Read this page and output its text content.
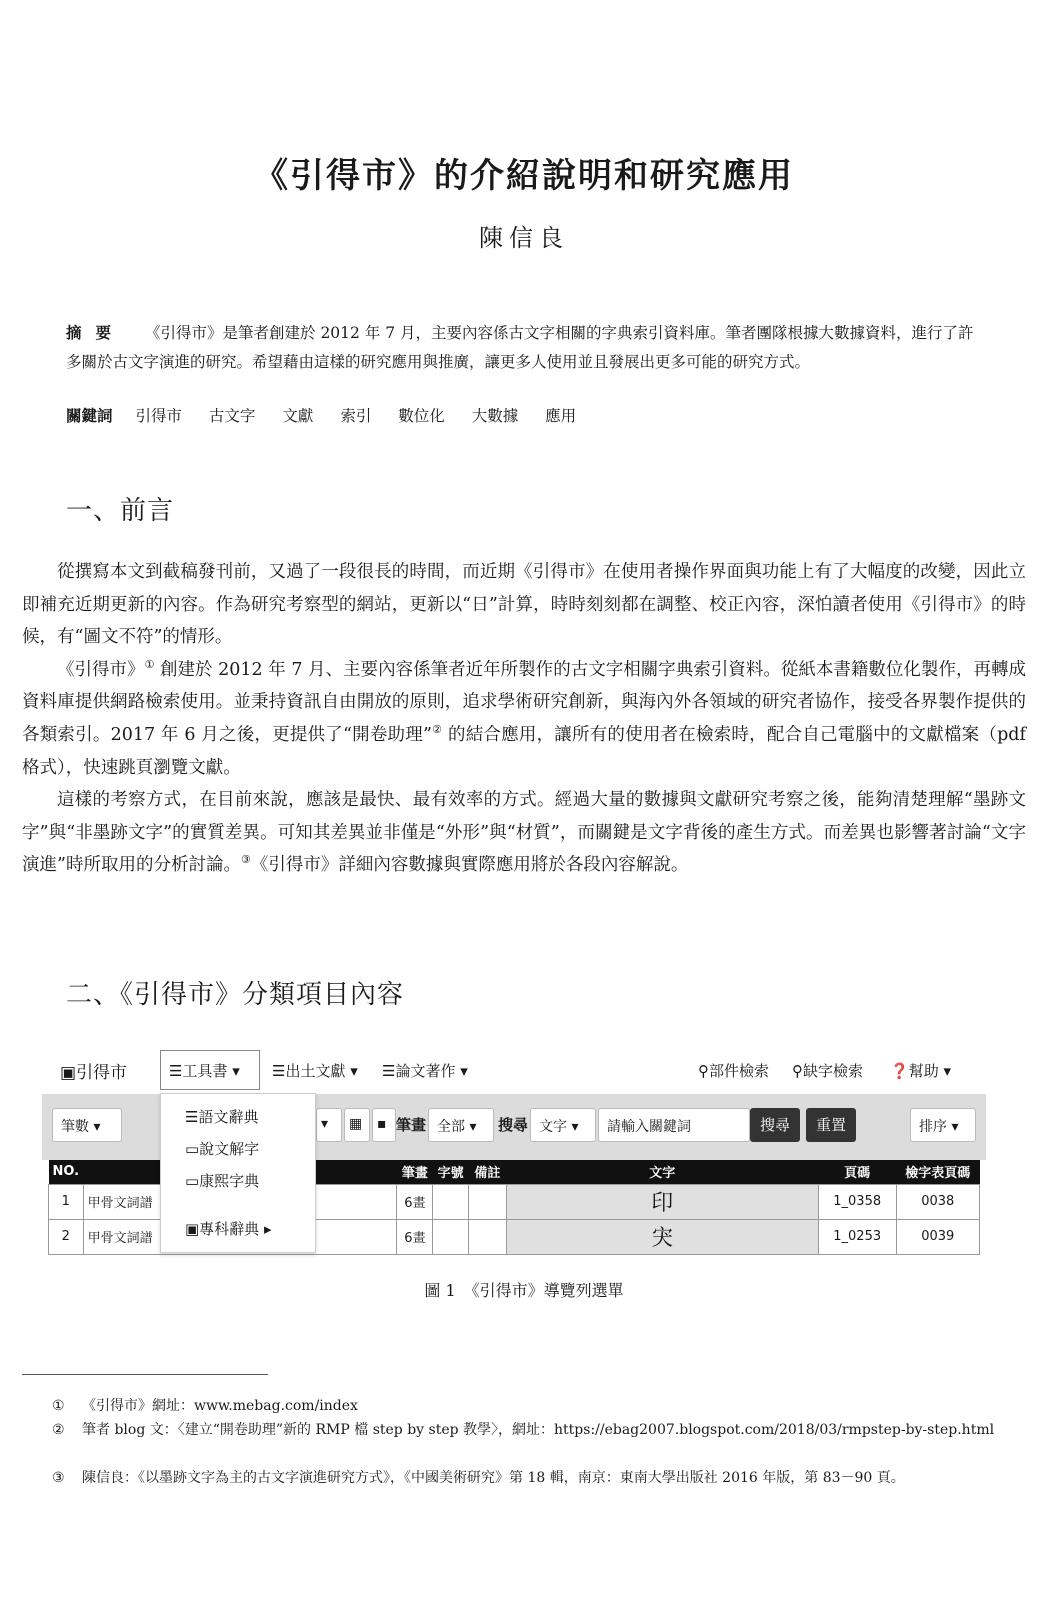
《引得市》的介紹說明和研究應用
陳信良
摘要 《引得市》是筆者創建於 2012 年 7 月，主要內容係古文字相關的字典索引資料庫。筆者團隊根據大數據資料，進行了許多關於古文字演進的研究。希望藉由這樣的研究應用與推廣，讓更多人使用並且發展出更多可能的研究方式。
關鍵詞 引得市 古文字 文獻 索引 數位化 大數據 應用
一、前言

從撰寫本文到截稿發刊前，又過了一段很長的時間，而近期《引得市》在使用者操作界面與功能上有了大幅度的改變，因此立即補充近期更新的內容。作為研究考察型的網站，更新以“日”計算，時時刻刻都在調整、校正內容，深怕讀者使用《引得市》的時候，有“圖文不符”的情形。

《引得市》① 創建於 2012 年 7 月、主要內容係筆者近年所製作的古文字相關字典索引資料。從紙本書籍數位化製作，再轉成資料庫提供網路檢索使用。並秉持資訊自由開放的原則，追求學術研究創新，與海內外各領域的研究者協作，接受各界製作提供的各類索引。2017 年 6 月之後，更提供了“開卷助理”② 的結合應用，讓所有的使用者在檢索時，配合自己電腦中的文獻檔案（pdf 格式），快速跳頁瀏覽文獻。

這樣的考察方式，在目前來說，應該是最快、最有效率的方式。經過大量的數據與文獻研究考察之後，能夠清楚理解“墨跡文字”與“非墨跡文字”的實質差異。可知其差異並非僅是“外形”與“材質”，而關鍵是文字背後的產生方式。而差異也影響著討論“文字演進”時所取用的分析討論。③《引得市》詳細內容數據與實際應用將於各段內容解說。

二、《引得市》分類項目內容
▣引得市	☰工具書 ▾	☰出土文獻 ▾ ☰論文著作 ▾	⚲部件檢索 ⚲缺字檢索 ❓幫助 ▾
筆數 ▾	▾	▦	▪ 筆畫 全部 ▾	搜尋 文字 ▾	請輸入關鍵詞	搜尋	重置	排序 ▾
NO.		筆畫	字號	備註	文字	頁碼	檢字表頁碼
1	甲骨文詞譜	6畫			印	1_0358	0038
2	甲骨文詞譜	6畫			宊	1_0253	0039
☰語文辭典
▭說文解字
▭康熙字典
▣專科辭典 ▸
圖 1　《引得市》導覽列選單
① 《引得市》網址：www.mebag.com/index
② 筆者 blog 文：〈建立“開卷助理”新的 RMP 檔 step by step 教學〉，網址：https://ebag2007.blogspot.com/2018/03/rmpstep-by-step.html
③ 陳信良：《以墨跡文字為主的古文字演進研究方式》，《中國美術研究》第 18 輯，南京：東南大學出版社 2016 年版，第 83－90 頁。
